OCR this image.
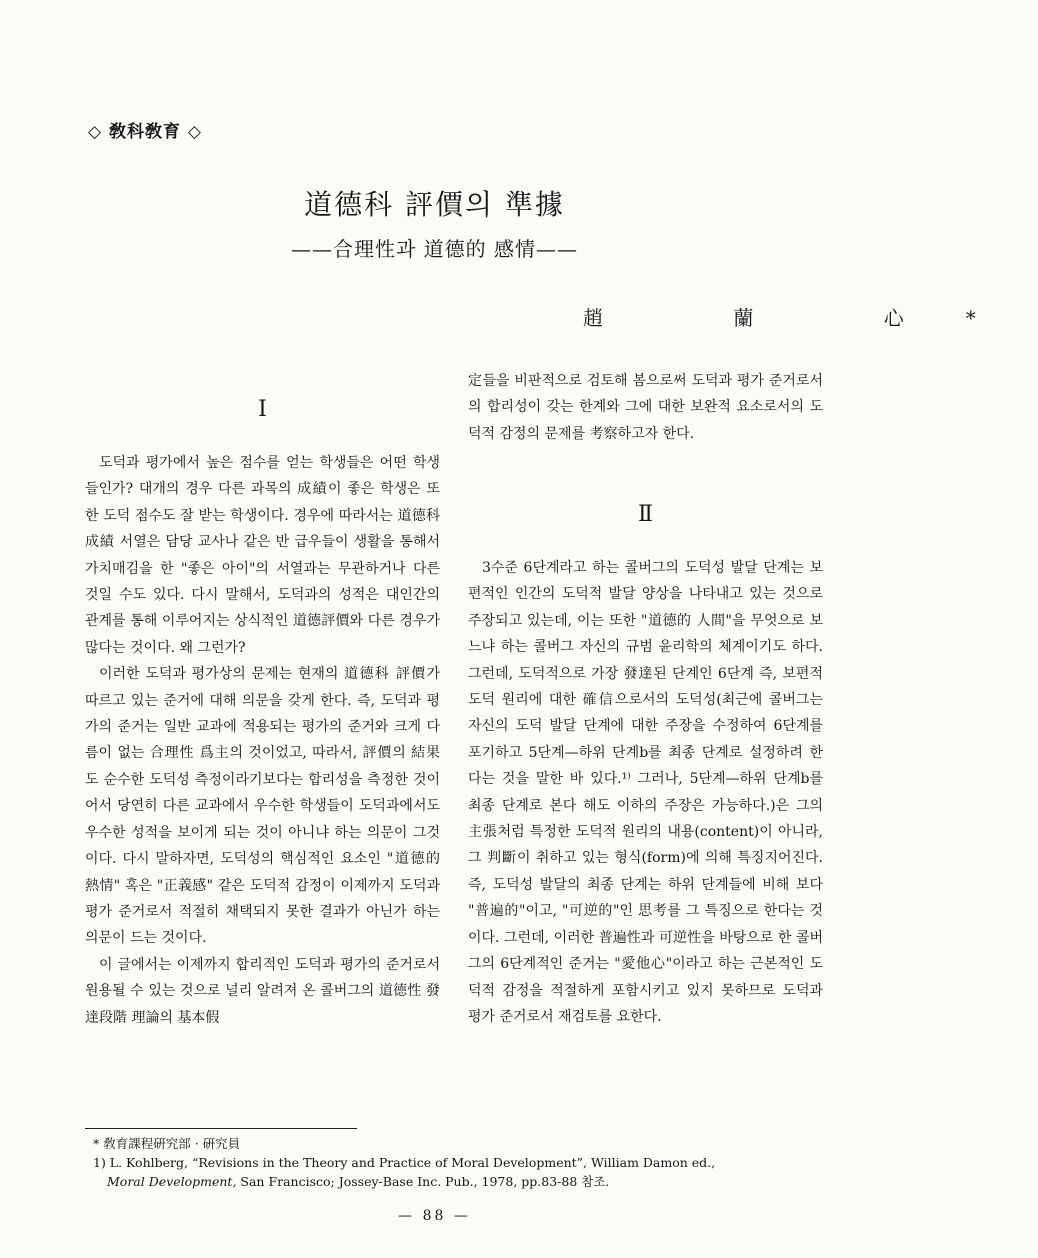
◇ 敎科敎育 ◇
道德科 評價의 準據
——合理性과 道德的 感情——
趙 蘭 心*
Ⅰ

도덕과 평가에서 높은 점수를 얻는 학생들은 어떤 학생들인가? 대개의 경우 다른 과목의 成績이 좋은 학생은 또한 도덕 점수도 잘 받는 학생이다. 경우에 따라서는 道德科 成績 서열은 담당 교사나 같은 반 급우들이 생활을 통해서 가치매김을 한 "좋은 아이"의 서열과는 무관하거나 다른 것일 수도 있다. 다시 말해서, 도덕과의 성적은 대인간의 관계를 통해 이루어지는 상식적인 道德評價와 다른 경우가 많다는 것이다. 왜 그런가?

이러한 도덕과 평가상의 문제는 현재의 道德科 評價가 따르고 있는 준거에 대해 의문을 갖게 한다. 즉, 도덕과 평가의 준거는 일반 교과에 적용되는 평가의 준거와 크게 다름이 없는 合理性 爲主의 것이었고, 따라서, 評價의 結果도 순수한 도덕성 측정이라기보다는 합리성을 측정한 것이어서 당연히 다른 교과에서 우수한 학생들이 도덕과에서도 우수한 성적을 보이게 되는 것이 아니냐 하는 의문이 그것이다. 다시 말하자면, 도덕성의 핵심적인 요소인 "道德的 熱情" 혹은 "正義感" 같은 도덕적 감정이 이제까지 도덕과 평가 준거로서 적절히 채택되지 못한 결과가 아닌가 하는 의문이 드는 것이다.

이 글에서는 이제까지 합리적인 도덕과 평가의 준거로서 원용될 수 있는 것으로 널리 알려져 온 콜버그의 道德性 發達段階 理論의 基本假

定들을 비판적으로 검토해 봄으로써 도덕과 평가 준거로서의 합리성이 갖는 한계와 그에 대한 보완적 요소로서의 도덕적 감정의 문제를 考察하고자 한다.

Ⅱ

3수준 6단계라고 하는 콜버그의 도덕성 발달 단계는 보편적인 인간의 도덕적 발달 양상을 나타내고 있는 것으로 주장되고 있는데, 이는 또한 "道德的 人間"을 무엇으로 보느냐 하는 콜버그 자신의 규범 윤리학의 체계이기도 하다. 그런데, 도덕적으로 가장 發達된 단계인 6단계 즉, 보편적 도덕 원리에 대한 確信으로서의 도덕성(최근에 콜버그는 자신의 도덕 발달 단계에 대한 주장을 수정하여 6단계를 포기하고 5단계—하위 단계b를 최종 단계로 설정하려 한다는 것을 말한 바 있다.¹⁾ 그러나, 5단계—하위 단계b를 최종 단계로 본다 해도 이하의 주장은 가능하다.)은 그의 主張처럼 특정한 도덕적 원리의 내용(content)이 아니라, 그 判斷이 취하고 있는 형식(form)에 의해 특징지어진다. 즉, 도덕성 발달의 최종 단계는 하위 단계들에 비해 보다 "普遍的"이고, "可逆的"인 思考를 그 특징으로 한다는 것이다. 그런데, 이러한 普遍性과 可逆性을 바탕으로 한 콜버그의 6단계적인 준거는 "愛他心"이라고 하는 근본적인 도덕적 감정을 적절하게 포함시키고 있지 못하므로 도덕과 평가 준거로서 재검토를 요한다.

* 敎育課程硏究部 · 硏究員
1) L. Kohlberg, “Revisions in the Theory and Practice of Moral Development”, William Damon ed.,
Moral Development, San Francisco; Jossey-Base Inc. Pub., 1978, pp.83-88 참조.
— 88 —
